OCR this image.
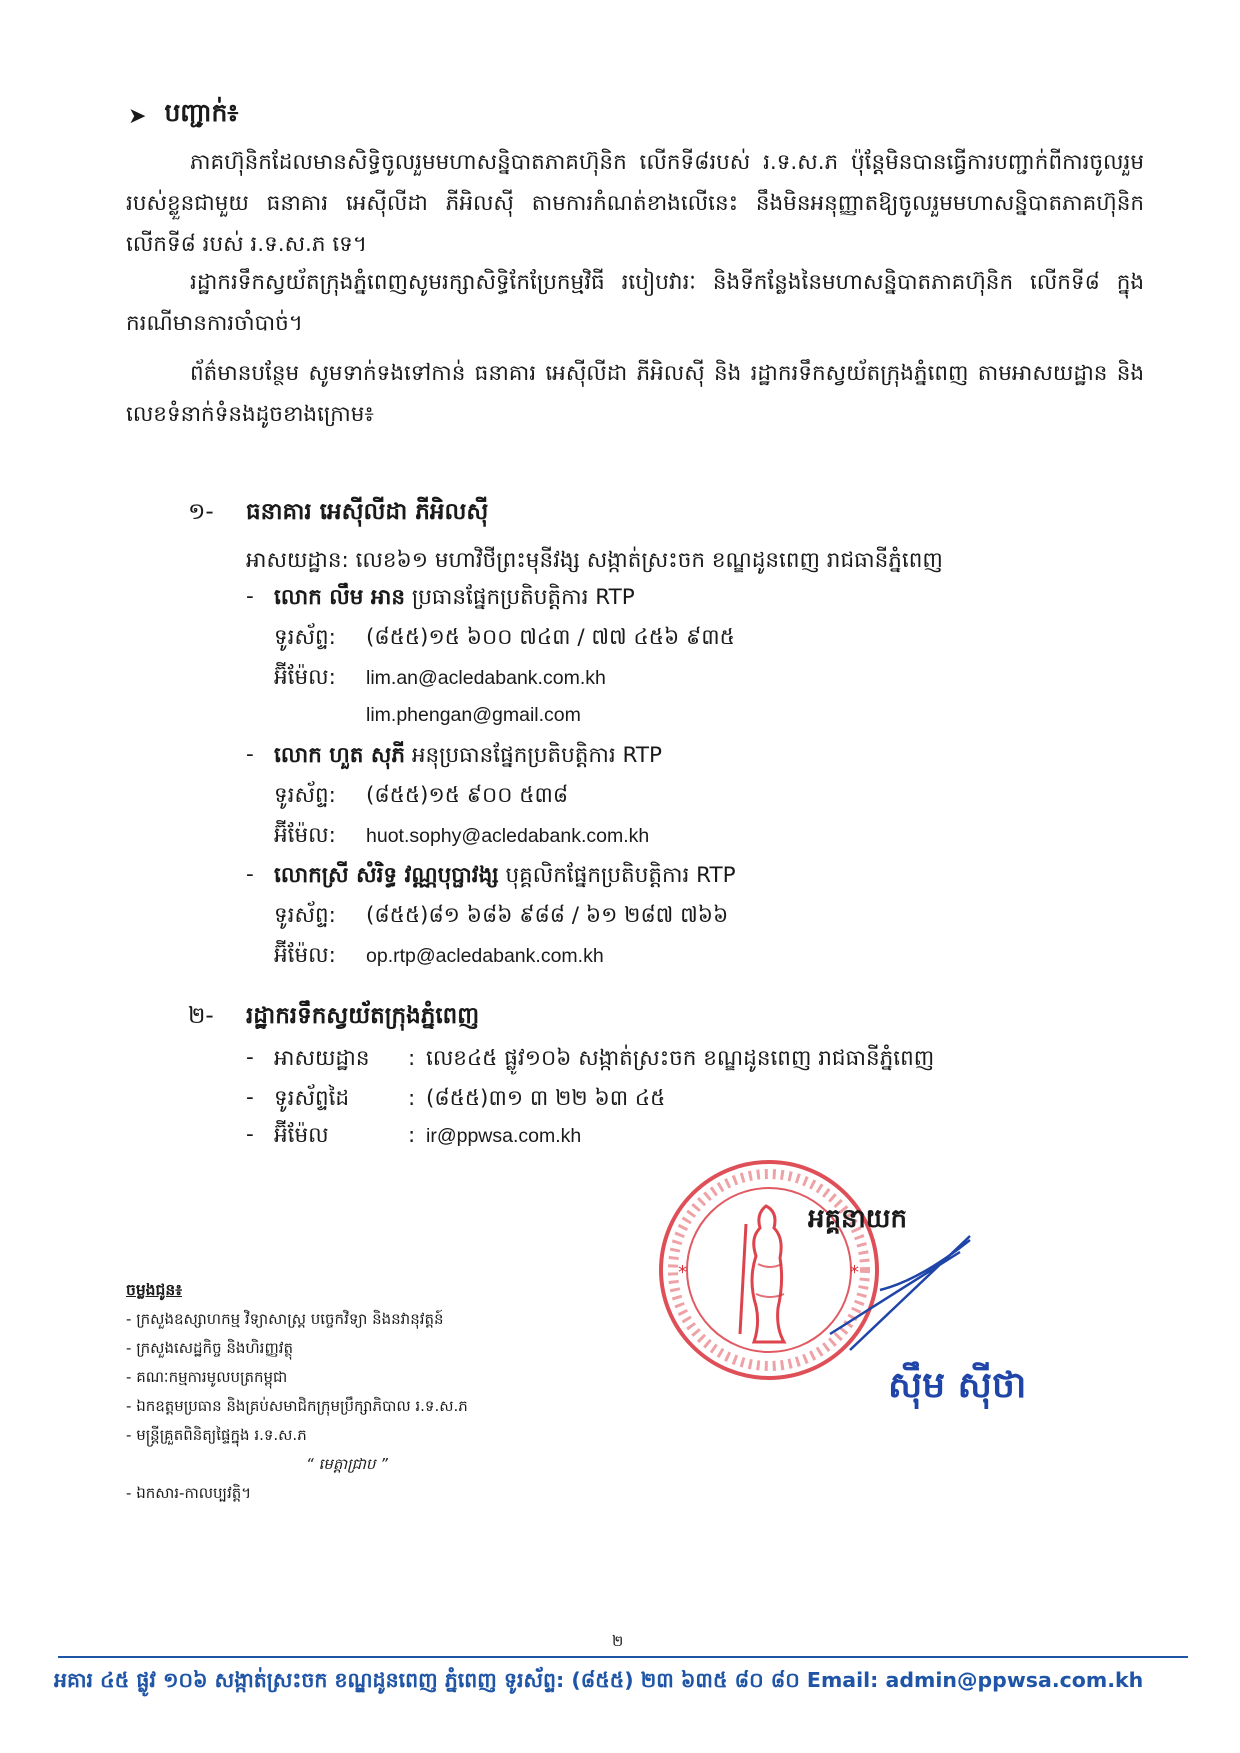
➤ បញ្ជាក់៖
ភាគហ៊ុនិកដែលមានសិទ្ធិចូលរួមមហាសន្និបាតភាគហ៊ុនិក លើកទី៨របស់ រ.ទ.ស.ភ ប៉ុន្តែមិនបានធ្វើការបញ្ជាក់ពីការចូលរួមរបស់ខ្លួនជាមួយ ធនាគារ អេស៊ីលីដា ភីអិលស៊ី តាមការកំណត់ខាងលើនេះ នឹងមិនអនុញ្ញាតឱ្យចូលរួមមហាសន្និបាតភាគហ៊ុនិក លើកទី៨ របស់ រ.ទ.ស.ភ ទេ។
រដ្ឋាករទឹកស្វយ័តក្រុងភ្នំពេញសូមរក្សាសិទ្ធិកែប្រែកម្មវិធី របៀបវារៈ និងទីកន្លែងនៃមហាសន្និបាតភាគហ៊ុនិក លើកទី៨ ក្នុងករណីមានការចាំបាច់។
ព័ត៌មានបន្ថែម សូមទាក់ទងទៅកាន់ ធនាគារ អេស៊ីលីដា ភីអិលស៊ី និង រដ្ឋាករទឹកស្វយ័តក្រុងភ្នំពេញ តាមអាសយដ្ឋាន និងលេខទំនាក់ទំនងដូចខាងក្រោម៖
១- ធនាគារ អេស៊ីលីដា ភីអិលស៊ី
អាសយដ្ឋាន: លេខ៦១ មហាវិថីព្រះមុនីវង្ស សង្កាត់ស្រះចក ខណ្ឌដូនពេញ រាជធានីភ្នំពេញ
- លោក លឹម អាន ប្រធានផ្នែកប្រតិបត្តិការ RTP
ទូរស័ព្ទ: (៨៥៥)១៥ ៦០០ ៧៤៣ / ៧៧ ៤៥៦ ៩៣៥
អ៊ីម៉ែល: lim.an@acledabank.com.kh
lim.phengan@gmail.com
- លោក ហួត សុភី អនុប្រធានផ្នែកប្រតិបត្តិការ RTP
ទូរស័ព្ទ: (៨៥៥)១៥ ៩០០ ៥៣៨
អ៊ីម៉ែល: huot.sophy@acledabank.com.kh
- លោកស្រី សំរិទ្ធ វណ្ណបុប្ផាវង្ស បុគ្គលិកផ្នែកប្រតិបត្តិការ RTP
ទូរស័ព្ទ: (៨៥៥)៨១ ៦៨៦ ៩៨៨ / ៦១ ២៨៧ ៧៦៦
អ៊ីម៉ែល: op.rtp@acledabank.com.kh
២- រដ្ឋាករទឹកស្វយ័តក្រុងភ្នំពេញ
- អាសយដ្ឋាន : លេខ៤៥ ផ្លូវ១០៦ សង្កាត់ស្រះចក ខណ្ឌដូនពេញ រាជធានីភ្នំពេញ
- ទូរស័ព្ទដៃ	: (៨៥៥)៣១ ៣ ២២ ៦៣ ៤៥
- អ៊ីម៉ែល	: ir@ppwsa.com.kh
*	*
អគ្គនាយក
ស៊ឹម ស៊ីថា
ចម្លងជូន៖
- ក្រសួងឧស្សាហកម្ម វិទ្យាសាស្ត្រ បច្ចេកវិទ្យា និងនវានុវត្តន៍
- ក្រសួងសេដ្ឋកិច្ច និងហិរញ្ញវត្ថុ
- គណៈកម្មការមូលបត្រកម្ពុជា
- ឯកឧត្តមប្រធាន និងគ្រប់សមាជិកក្រុមប្រឹក្សាភិបាល រ.ទ.ស.ភ
- មន្ត្រីគ្រួតពិនិត្យផ្ទៃក្នុង រ.ទ.ស.ភ
“ មេត្តាជ្រាប ”
- ឯកសារ-កាលប្បវត្តិ។
២
អគារ ៤៥ ផ្លូវ ១០៦ សង្កាត់ស្រះចក ខណ្ឌដូនពេញ ភ្នំពេញ ទូរស័ព្ទ: (៨៥៥) ២៣ ៦៣៥ ៨០ ៨០ Email: admin@ppwsa.com.kh
